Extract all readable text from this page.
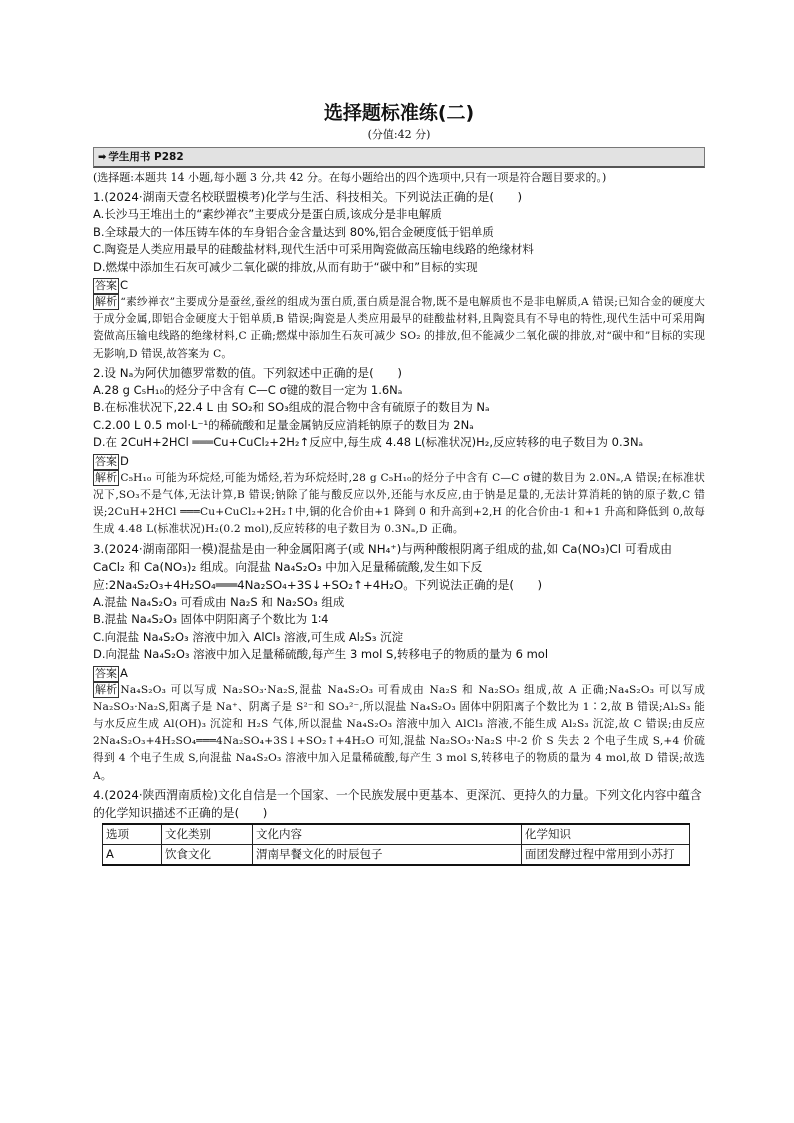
选择题标准练(二)
(分值:42 分)
➡ 学生用书 P282

(选择题:本题共 14 小题,每小题 3 分,共 42 分。在每小题给出的四个选项中,只有一项是符合题目要求的。)

1.(2024·湖南天壹名校联盟模考)化学与生活、科技相关。下列说法正确的是(　　)

A.长沙马王堆出土的“素纱禅衣”主要成分是蛋白质,该成分是非电解质

B.全球最大的一体压铸车体的车身铝合金含量达到 80%,铝合金硬度低于铝单质

C.陶瓷是人类应用最早的硅酸盐材料,现代生活中可采用陶瓷做高压输电线路的绝缘材料

D.燃煤中添加生石灰可减少二氧化碳的排放,从而有助于“碳中和”目标的实现

答案 C

解析 “素纱禅衣”主要成分是蚕丝,蚕丝的组成为蛋白质,蛋白质是混合物,既不是电解质也不是非电解质,A 错误;已知合金的硬度大于成分金属,即铝合金硬度大于铝单质,B 错误;陶瓷是人类应用最早的硅酸盐材料,且陶瓷具有不导电的特性,现代生活中可采用陶瓷做高压输电线路的绝缘材料,C 正确;燃煤中添加生石灰可减少 SO₂ 的排放,但不能减少二氧化碳的排放,对“碳中和”目标的实现无影响,D 错误,故答案为 C。

2.设 Nₐ为阿伏加德罗常数的值。下列叙述中正确的是(　　)

A.28 g C₅H₁₀的烃分子中含有 C—C σ键的数目一定为 1.6Nₐ

B.在标准状况下,22.4 L 由 SO₂和 SO₃组成的混合物中含有硫原子的数目为 Nₐ

C.2.00 L 0.5 mol·L⁻¹的稀硫酸和足量金属钠反应消耗钠原子的数目为 2Nₐ

D.在 2CuH+2HCl ═══Cu+CuCl₂+2H₂↑反应中,每生成 4.48 L(标准状况)H₂,反应转移的电子数目为 0.3Nₐ

答案 D

解析 C₅H₁₀ 可能为环烷烃,可能为烯烃,若为环烷烃时,28 g C₅H₁₀的烃分子中含有 C—C σ键的数目为 2.0Nₐ,A 错误;在标准状况下,SO₃不是气体,无法计算,B 错误;钠除了能与酸反应以外,还能与水反应,由于钠是足量的,无法计算消耗的钠的原子数,C 错误;2CuH+2HCl ═══Cu+CuCl₂+2H₂↑中,铜的化合价由+1 降到 0 和升高到+2,H 的化合价由-1 和+1 升高和降低到 0,故每生成 4.48 L(标准状况)H₂(0.2 mol),反应转移的电子数目为 0.3Nₐ,D 正确。

3.(2024·湖南邵阳一模)混盐是由一种金属阳离子(或 NH₄⁺)与两种酸根阴离子组成的盐,如 Ca(NO₃)Cl 可看成由 CaCl₂ 和 Ca(NO₃)₂ 组成。向混盐 Na₄S₂O₃ 中加入足量稀硫酸,发生如下反应:2Na₄S₂O₃+4H₂SO₄═══4Na₂SO₄+3S↓+SO₂↑+4H₂O。下列说法正确的是(　　)

A.混盐 Na₄S₂O₃ 可看成由 Na₂S 和 Na₂SO₃ 组成

B.混盐 Na₄S₂O₃ 固体中阴阳离子个数比为 1∶4

C.向混盐 Na₄S₂O₃ 溶液中加入 AlCl₃ 溶液,可生成 Al₂S₃ 沉淀

D.向混盐 Na₄S₂O₃ 溶液中加入足量稀硫酸,每产生 3 mol S,转移电子的物质的量为 6 mol

答案 A

解析 Na₄S₂O₃ 可以写成 Na₂SO₃·Na₂S,混盐 Na₄S₂O₃ 可看成由 Na₂S 和 Na₂SO₃ 组成,故 A 正确;Na₄S₂O₃ 可以写成 Na₂SO₃·Na₂S,阳离子是 Na⁺、阴离子是 S²⁻和 SO₃²⁻,所以混盐 Na₄S₂O₃ 固体中阴阳离子个数比为 1∶2,故 B 错误;Al₂S₃ 能与水反应生成 Al(OH)₃ 沉淀和 H₂S 气体,所以混盐 Na₄S₂O₃ 溶液中加入 AlCl₃ 溶液,不能生成 Al₂S₃ 沉淀,故 C 错误;由反应 2Na₄S₂O₃+4H₂SO₄═══4Na₂SO₄+3S↓+SO₂↑+4H₂O 可知,混盐 Na₂SO₃·Na₂S 中-2 价 S 失去 2 个电子生成 S,+4 价硫得到 4 个电子生成 S,向混盐 Na₄S₂O₃ 溶液中加入足量稀硫酸,每产生 3 mol S,转移电子的物质的量为 4 mol,故 D 错误;故选 A。

4.(2024·陕西渭南质检)文化自信是一个国家、一个民族发展中更基本、更深沉、更持久的力量。下列文化内容中蕴含的化学知识描述不正确的是(　　)

选项	文化类别	文化内容	化学知识
A	饮食文化	渭南早餐文化的时辰包子	面团发酵过程中常用到小苏打
